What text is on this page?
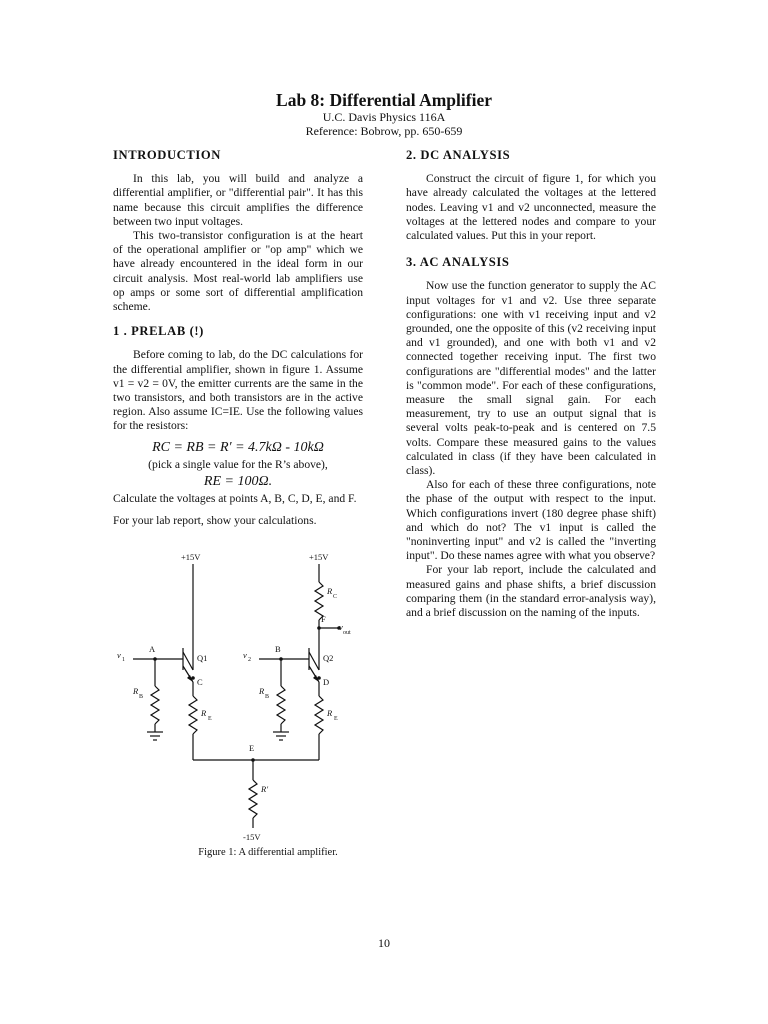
Lab 8: Differential Amplifier
U.C. Davis Physics 116A
Reference: Bobrow, pp. 650-659
INTRODUCTION

In this lab, you will build and analyze a differential amplifier, or "differential pair". It has this name because this circuit amplifies the difference between two input voltages.

This two-transistor configuration is at the heart of the operational amplifier or "op amp" which we have already encountered in the ideal form in our circuit analysis. Most real-world lab amplifiers use op amps or some sort of differential amplification scheme.

1 . PRELAB (!)

Before coming to lab, do the DC calculations for the differential amplifier, shown in figure 1. Assume v1 = v2 = 0V, the emitter currents are the same in the two transistors, and both transistors are in the active region. Also assume IC=IE. Use the following values for the resistors:

RC = RB = R′ = 4.7kΩ - 10kΩ
(pick a single value for the R’s above),
RE = 100Ω.

Calculate the voltages at points A, B, C, D, E, and F.

For your lab report, show your calculations.

2. DC ANALYSIS

Construct the circuit of figure 1, for which you have already calculated the voltages at the lettered nodes. Leaving v1 and v2 unconnected, measure the voltages at the lettered nodes and compare to your calculated values. Put this in your report.

3. AC ANALYSIS

Now use the function generator to supply the AC input voltages for v1 and v2. Use three separate configurations: one with v1 receiving input and v2 grounded, one the opposite of this (v2 receiving input and v1 grounded), and one with both v1 and v2 connected together receiving input. The first two configurations are "differential modes" and the latter is "common mode". For each of these configurations, measure the small signal gain. For each measurement, try to use an output signal that is several volts peak-to-peak and is centered on 7.5 volts. Compare these measured gains to the values calculated in class (if they have been calculated in class).

Also for each of these three configurations, note the phase of the output with respect to the input. Which configurations invert (180 degree phase shift) and which do not? The v1 input is called the "noninverting input" and v2 is called the "inverting input". Do these names agree with what you observe?

For your lab report, include the calculated and measured gains and phase shifts, a brief discussion comparing them (in the standard error-analysis way), and a brief discussion on the naming of the inputs.

+15V	+15V
R
C
F
v
out
v 1
A
Q1	v 2
B
Q2
C	D
R
B
R
B
R
E
R
E
E
R′
-15V
Figure 1: A differential amplifier.
10
